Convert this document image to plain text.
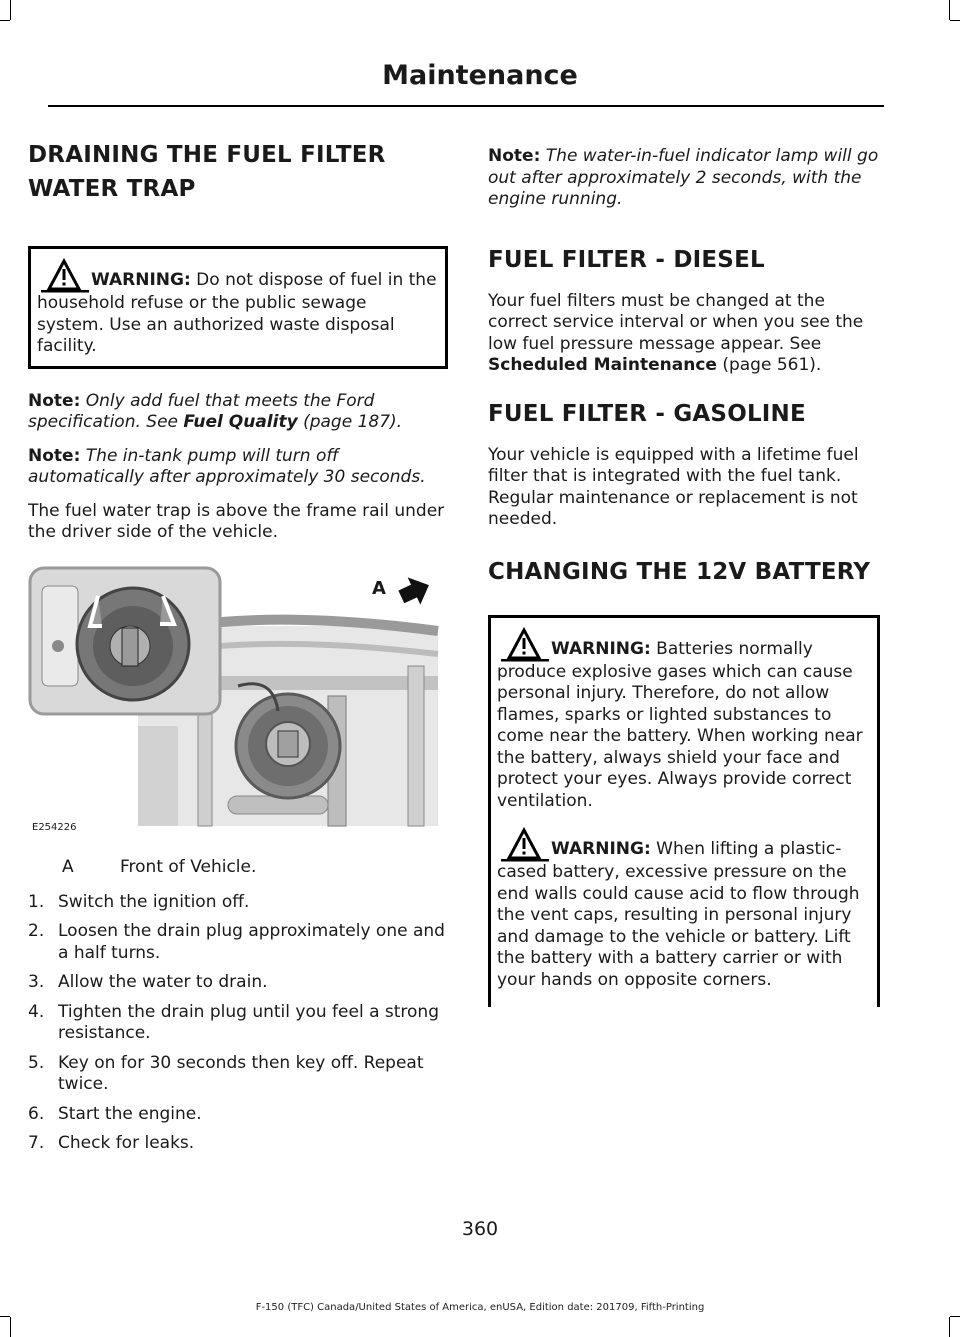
Maintenance
DRAINING THE FUEL FILTER WATER TRAP
WARNING: Do not dispose of fuel in the household refuse or the public sewage system. Use an authorized waste disposal facility.

Note: Only add fuel that meets the Ford specification. See Fuel Quality (page 187).

Note: The in-tank pump will turn off automatically after approximately 30 seconds.

The fuel water trap is above the frame rail under the driver side of the vehicle.

A
E254226
A	Front of Vehicle.
1. Switch the ignition off.
2. Loosen the drain plug approximately one and a half turns.
3. Allow the water to drain.
4. Tighten the drain plug until you feel a strong resistance.
5. Key on for 30 seconds then key off. Repeat twice.
6. Start the engine.
7. Check for leaks.

Note: The water-in-fuel indicator lamp will go out after approximately 2 seconds, with the engine running.

FUEL FILTER - DIESEL

Your fuel filters must be changed at the correct service interval or when you see the low fuel pressure message appear. See Scheduled Maintenance (page 561).

FUEL FILTER - GASOLINE

Your vehicle is equipped with a lifetime fuel filter that is integrated with the fuel tank. Regular maintenance or replacement is not needed.

CHANGING THE 12V BATTERY
WARNING: Batteries normally produce explosive gases which can cause personal injury. Therefore, do not allow flames, sparks or lighted substances to come near the battery. When working near the battery, always shield your face and protect your eyes. Always provide correct ventilation.
WARNING: When lifting a plastic-cased battery, excessive pressure on the end walls could cause acid to flow through the vent caps, resulting in personal injury and damage to the vehicle or battery. Lift the battery with a battery carrier or with your hands on opposite corners.
360
F-150 (TFC) Canada/United States of America, enUSA, Edition date: 201709, Fifth-Printing
